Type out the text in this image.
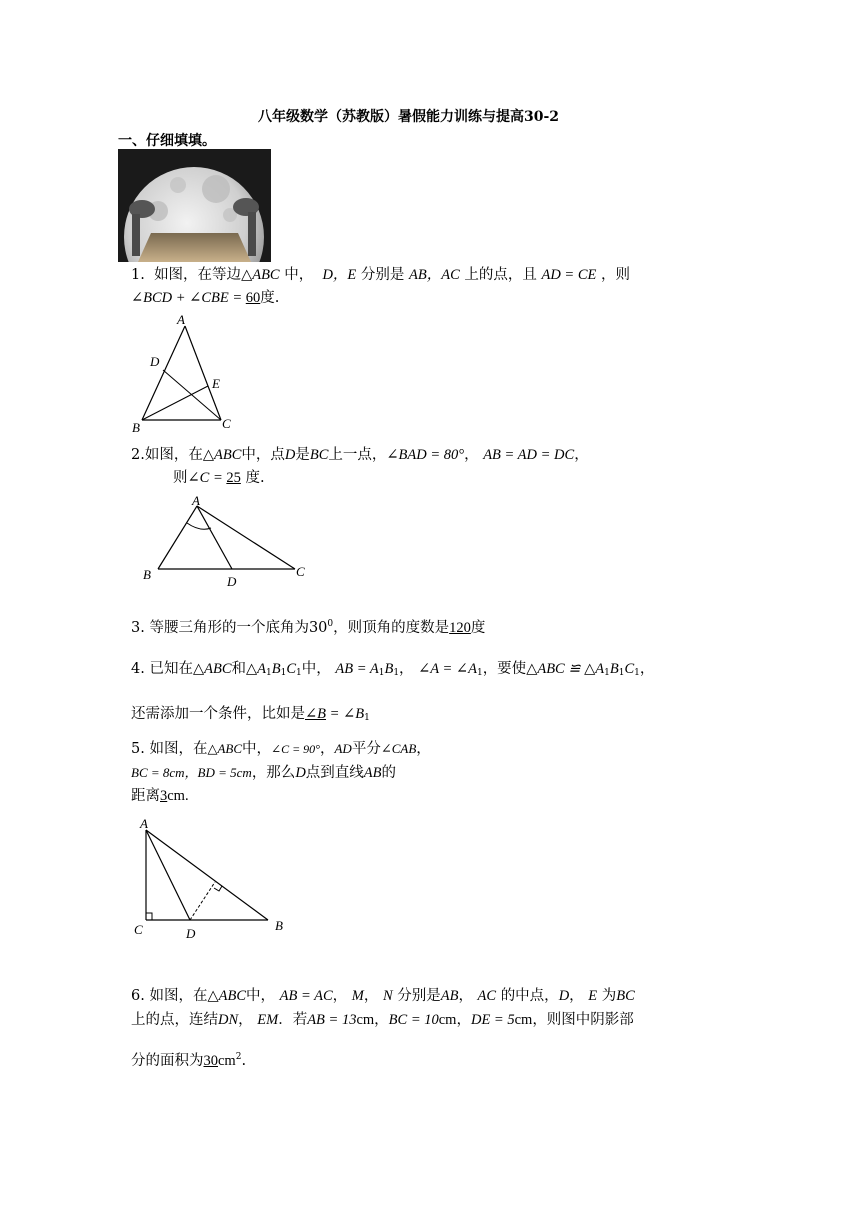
八年级数学（苏教版）暑假能力训练与提高30-2
一、仔细填填。
1. 如图，在等边△ABC 中， D，E 分别是 AB，AC 上的点，且 AD = CE ，则
∠BCD + ∠CBE = 60度.
A
D
E
B	C
2.如图，在△ABC中，点D是BC上一点，∠BAD = 80°， AB = AD = DC，
则∠C = 25 度.
A
B	D
C
3. 等腰三角形的一个底角为$30^0$，则顶角的度数是120度
4. 已知在△ABC和$\triangle A_1B_1C_1$中， AB = $A_1B_1$， ∠A = $\angle A_1$，要使△ABC ≌ $\triangle A_1B_1C_1$，
还需添加一个条件，比如是∠B = $\angle B_1$
5. 如图，在△ABC中，∠C = 90°，AD平分∠CAB，
BC = 8cm，BD = 5cm，那么D点到直线AB的
距离3cm.
A
C	D
B
6. 如图，在△ABC中， AB = AC， M， N 分别是AB， AC 的中点，D， E 为BC
上的点，连结DN， EM．若AB = 13cm，BC = 10cm，DE = 5cm，则图中阴影部
分的面积为$30cm^2$.
